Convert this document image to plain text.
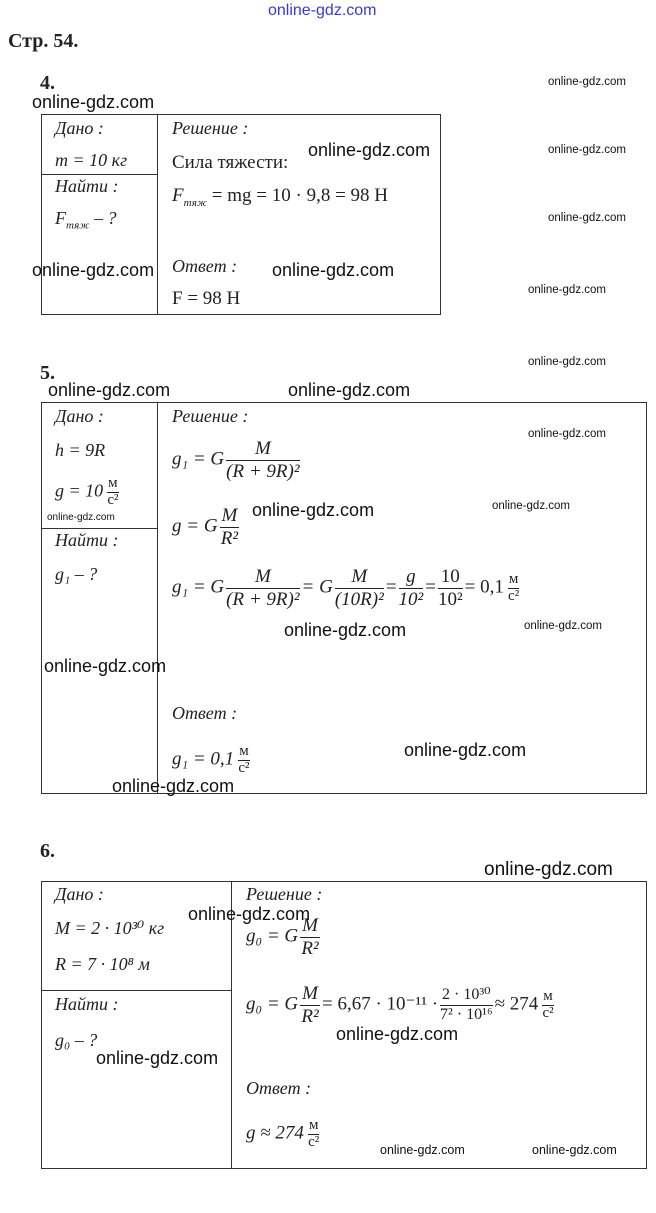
online-gdz.com
Стр. 54.
4.
Дано :
m = 10 кг
Найти :
$F_{тяж}$ – ?
Решение :
Сила тяжести:
$F_{тяж}$ = mg = 10 · 9,8 = 98 Н
Ответ :
F = 98 Н
5.
Дано :
h = 9R
g = 10 м
с²
Найти :
g₁ – ?
Решение :
g₁ = G $\frac{M}{\text{(R + 9R)²}}$
g = G $\frac{M}{\text{R²}}$
g₁ = G $\frac{M}{\text{(R + 9R)²}} = G \frac{M}{\text{(10R)²}} = \frac{g}{\text{10²}} = \frac{10}{\text{10²}} = 0,1$ м
с²
Ответ :
g₁ = 0,1 м
с²
6.
Дано :
M = 2 · 10³⁰ кг
R = 7 · 10⁸ м
Найти :
g₀ – ?
Решение :
g₀ = G $\frac{M}{\text{R²}}$
g₀ = G $\frac{M}{\text{R²}} = 6,67 \cdot 10^{-11} \cdot \frac{\text{2 · 10³⁰}}{\text{7² · 10¹⁶}} \approx 274$ м
с²
Ответ :
g ≈ 274 м
с²
online-gdz.com
online-gdz.com
online-gdz.com	online-gdz.com
online-gdz.com
online-gdz.com	online-gdz.com
online-gdz.com
online-gdz.com
online-gdz.com	online-gdz.com
online-gdz.com
online-gdz.com
online-gdz.com
online-gdz.com
online-gdz.com	online-gdz.com
online-gdz.com
online-gdz.com
online-gdz.com
online-gdz.com
online-gdz.com
online-gdz.com
online-gdz.com
online-gdz.com	online-gdz.com
